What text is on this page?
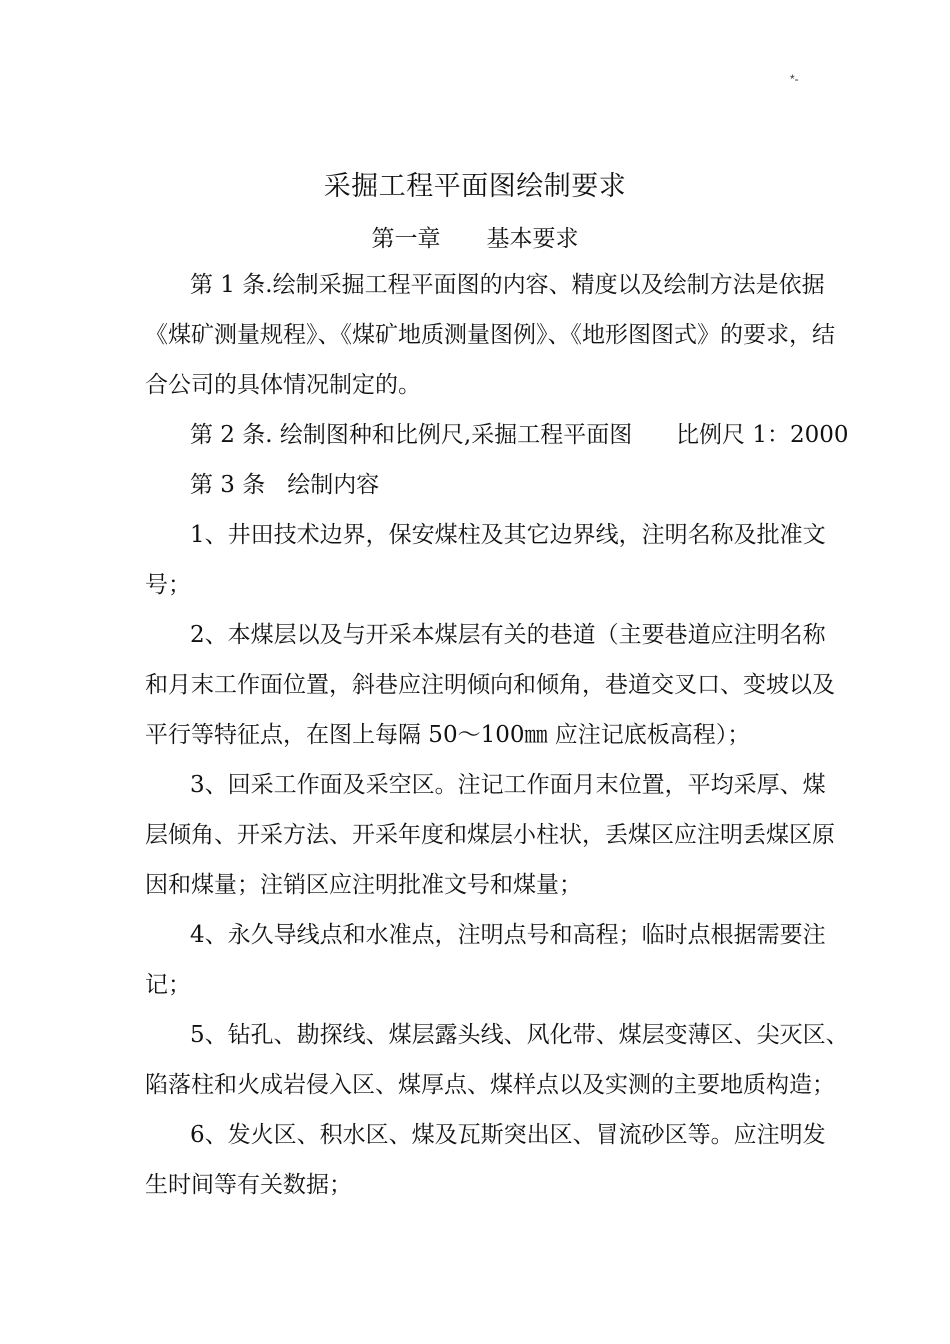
*-
采掘工程平面图绘制要求
第一章 基本要求
第 1 条.绘制采掘工程平面图的内容、精度以及绘制方法是依据
《煤矿测量规程》、《煤矿地质测量图例》、《地形图图式》的要求，结
合公司的具体情况制定的。
第 2 条. 绘制图种和比例尺,采掘工程平面图      比例尺 1：2000
第 3 条   绘制内容
1、井田技术边界，保安煤柱及其它边界线，注明名称及批准文
号；
2、本煤层以及与开采本煤层有关的巷道（主要巷道应注明名称
和月末工作面位置，斜巷应注明倾向和倾角，巷道交叉口、变坡以及
平行等特征点，在图上每隔 50～100㎜ 应注记底板高程）；
3、回采工作面及采空区。注记工作面月末位置，平均采厚、煤
层倾角、开采方法、开采年度和煤层小柱状，丢煤区应注明丢煤区原
因和煤量；注销区应注明批准文号和煤量；
4、永久导线点和水准点，注明点号和高程；临时点根据需要注
记；
5、钻孔、勘探线、煤层露头线、风化带、煤层变薄区、尖灭区、
陷落柱和火成岩侵入区、煤厚点、煤样点以及实测的主要地质构造；
6、发火区、积水区、煤及瓦斯突出区、冒流砂区等。应注明发
生时间等有关数据；
